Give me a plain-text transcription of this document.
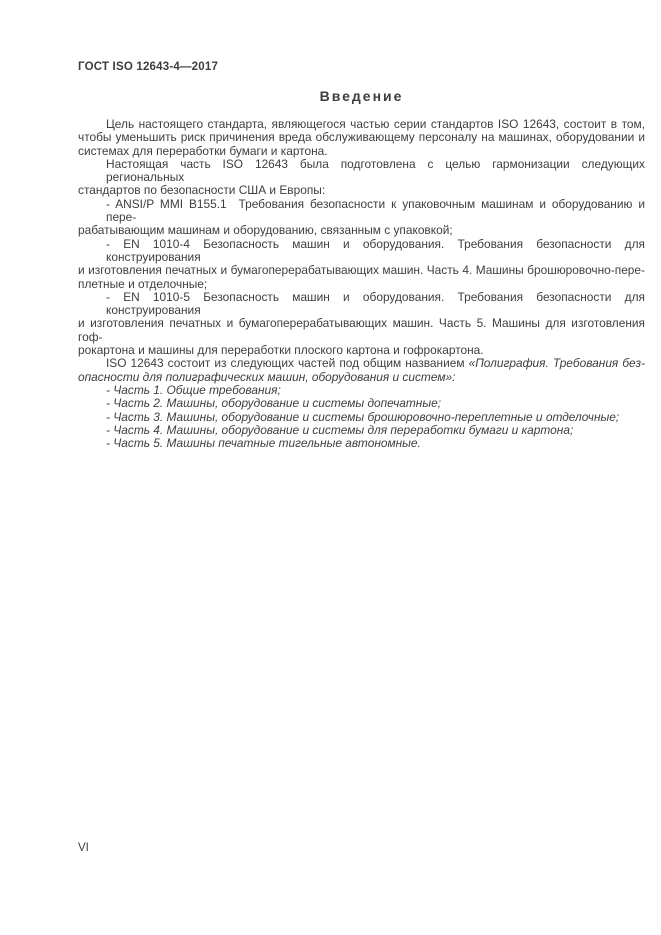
ГОСТ ISO 12643-4—2017
Введение
Цель настоящего стандарта, являющегося частью серии стандартов ISO 12643, состоит в том,
чтобы уменьшить риск причинения вреда обслуживающему персоналу на машинах, оборудовании и
системах для переработки бумаги и картона.
Настоящая часть ISO 12643 была подготовлена с целью гармонизации следующих региональных
стандартов по безопасности США и Европы:
- ANSI/P MMI B155.1  Требования безопасности к упаковочным машинам и оборудованию и пере-
рабатывающим машинам и оборудованию, связанным с упаковкой;
- EN 1010-4 Безопасность машин и оборудования. Требования безопасности для конструирования
и изготовления печатных и бумагоперерабатывающих машин. Часть 4. Машины брошюровочно-пере-
плетные и отделочные;
- EN 1010-5 Безопасность машин и оборудования. Требования безопасности для конструирования
и изготовления печатных и бумагоперерабатывающих машин. Часть 5. Машины для изготовления гоф-
рокартона и машины для переработки плоского картона и гофрокартона.
ISO 12643 состоит из следующих частей под общим названием «Полиграфия. Требования без-
опасности для полиграфических машин, оборудования и систем»:
- Часть 1. Общие требования;
- Часть 2. Машины, оборудование и системы допечатные;
- Часть 3. Машины, оборудование и системы брошюровочно-переплетные и отделочные;
- Часть 4. Машины, оборудование и системы для переработки бумаги и картона;
- Часть 5. Машины печатные тигельные автономные.
VI
